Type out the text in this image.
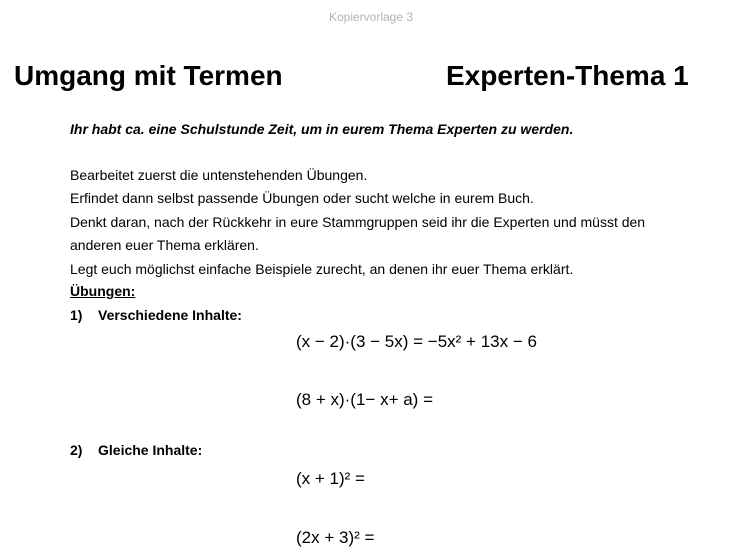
Kopiervorlage 3
Umgang mit Termen	Experten-Thema 1
Ihr habt ca. eine Schulstunde Zeit, um in eurem Thema Experten zu werden.
Bearbeitet zuerst die untenstehenden Übungen.
Erfindet dann selbst passende Übungen oder sucht welche in eurem Buch.
Denkt daran, nach der Rückkehr in eure Stammgruppen seid ihr die Experten und müsst den
anderen euer Thema erklären.
Legt euch möglichst einfache Beispiele zurecht, an denen ihr euer Thema erklärt.
Übungen:
1) Verschiedene Inhalte:
(x − 2)·(3 − 5x) = −5x² + 13x − 6
(8 + x)·(1− x+ a) =
2) Gleiche Inhalte:
(x + 1)² =
(2x + 3)² =
